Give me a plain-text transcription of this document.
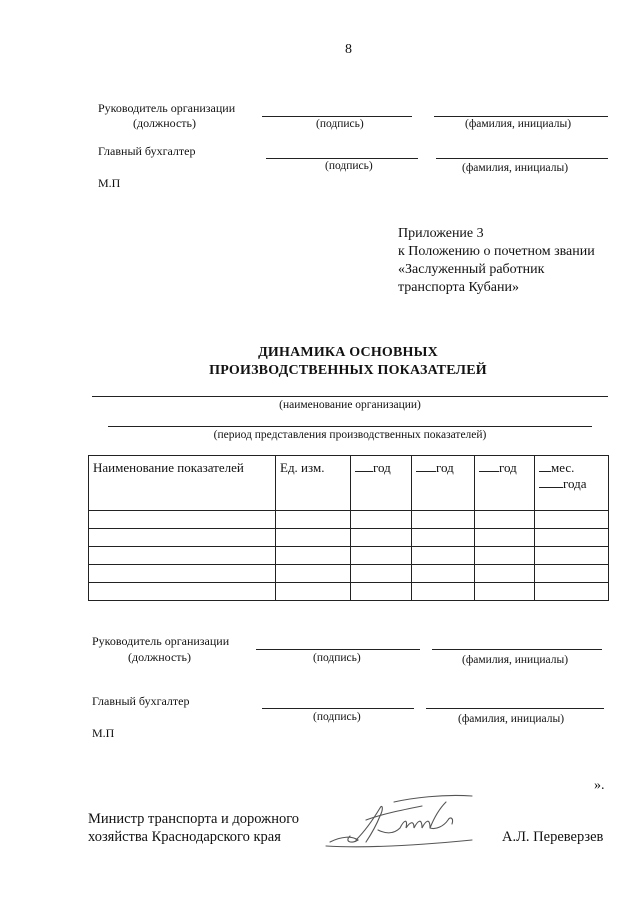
8
Руководитель организации
(должность)	(подпись)	(фамилия, инициалы)
Главный бухгалтер
(подпись)	(фамилия, инициалы)
М.П
Приложение 3
к Положению о почетном звании
«Заслуженный работник
транспорта Кубани»
ДИНАМИКА ОСНОВНЫХ
ПРОИЗВОДСТВЕННЫХ ПОКАЗАТЕЛЕЙ
(наименование организации)
(период представления производственных показателей)
Наименование показателей	Ед. изм.	год	год	год	мес.
года

Руководитель организации
(должность)	(подпись)	(фамилия, инициалы)
Главный бухгалтер
(подпись)	(фамилия, инициалы)
М.П
».
Министр транспорта и дорожного
хозяйства Краснодарского края	А.Л. Переверзев
